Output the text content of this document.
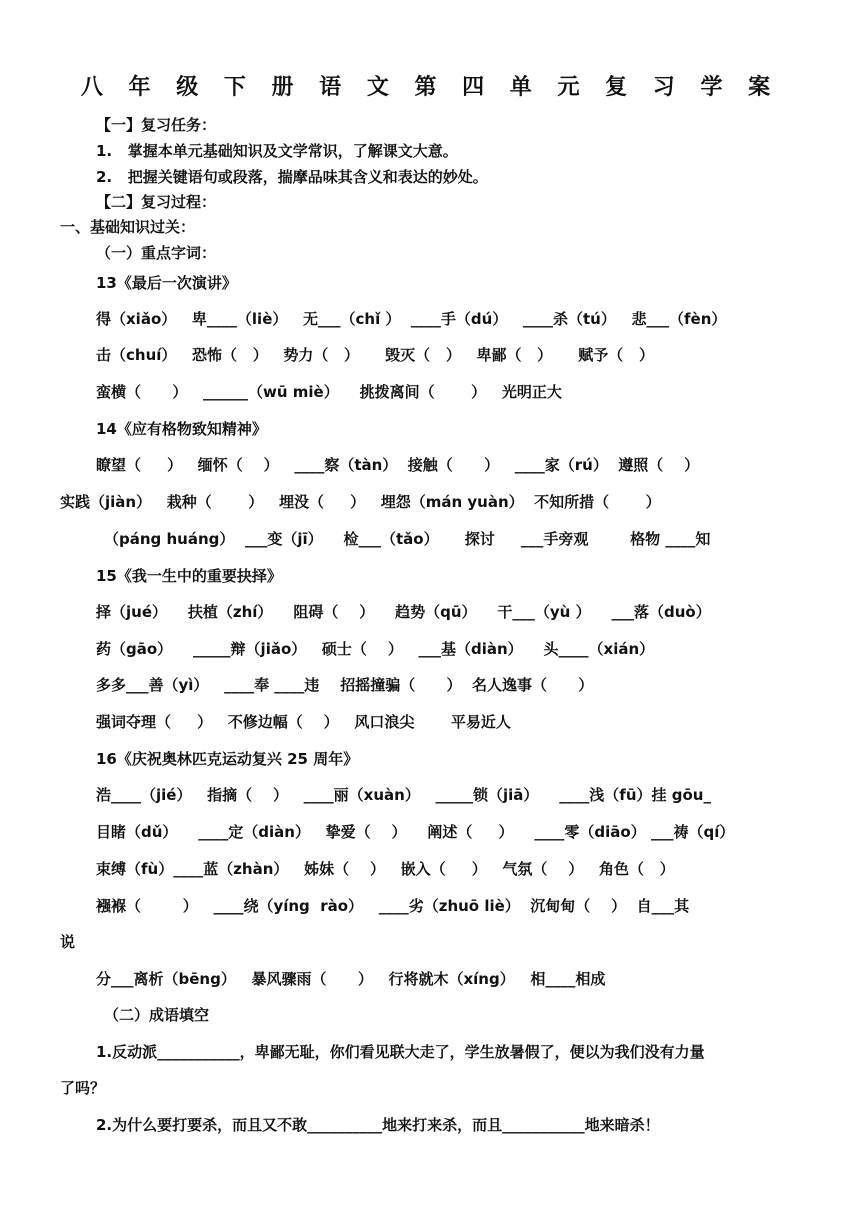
八 年 级 下 册 语 文 第 四 单 元 复 习 学 案
【一】复习任务：
1.   掌握本单元基础知识及文学常识，了解课文大意。
2.   把握关键语句或段落，揣摩品味其含义和表达的妙处。
【二】复习过程：
一、基础知识过关：
（一）重点字词：
13《最后一次演讲》
得（xiǎo）   卑____（liè）   无___（chǐ ）  ____手（dú）   ____杀（tú）   悲___（fèn）
击（chuí）   恐怖（   ）   势力（   ）     毁灭（   ）   卑鄙（   ）     赋予（   ）
蛮横（      ）   ______（wū miè）    挑拨离间（       ）   光明正大
14《应有格物致知精神》
瞭望（     ）   缅怀（    ）   ____察（tàn）  接触（      ）   ____家（rú）  遵照（    ）
实践（jiàn）   栽种（       ）   埋没（     ）   埋怨（mán yuàn）  不知所措（       ）
（páng huáng）  ___变（jī）    检___（tǎo）     探讨     ___手旁观        格物 ____知
15《我一生中的重要抉择》
择（jué）    扶植（zhí）    阻碍（    ）    趋势（qū）    干___（yù ）    ___落（duò）
药（gāo）    _____辩（jiǎo）   硕士（    ）   ___基（diàn）    头____（xián）
多多___善（yì）   ____奉 ____违    招摇撞骗（      ）  名人逸事（      ）
强词夺理（     ）   不修边幅（    ）   风口浪尖       平易近人
16《庆祝奥林匹克运动复兴 25 周年》
浩____（jié）   指摘（    ）   ____丽（xuàn）   _____锁（jiā）    ____浅（fū）挂 gōu_
目睹（dǔ）    ____定（diàn）   挚爱（    ）    阐述（     ）    ____零（diāo） ___祷（qí）
束缚（fù）____蓝（zhàn）   姊妹（    ）   嵌入（     ）   气氛（    ）   角色（   ）
襁褓（        ）   ____绕（yíng  rào）   ____劣（zhuō liè）  沉甸甸（    ）  自___其
说
分___离析（bēng）   暴风骤雨（      ）   行将就木（xíng）   相____相成
（二）成语填空
1.反动派___________，卑鄙无耻，你们看见联大走了，学生放暑假了，便以为我们没有力量
了吗？
2.为什么要打要杀，而且又不敢__________地来打来杀，而且___________地来暗杀！
